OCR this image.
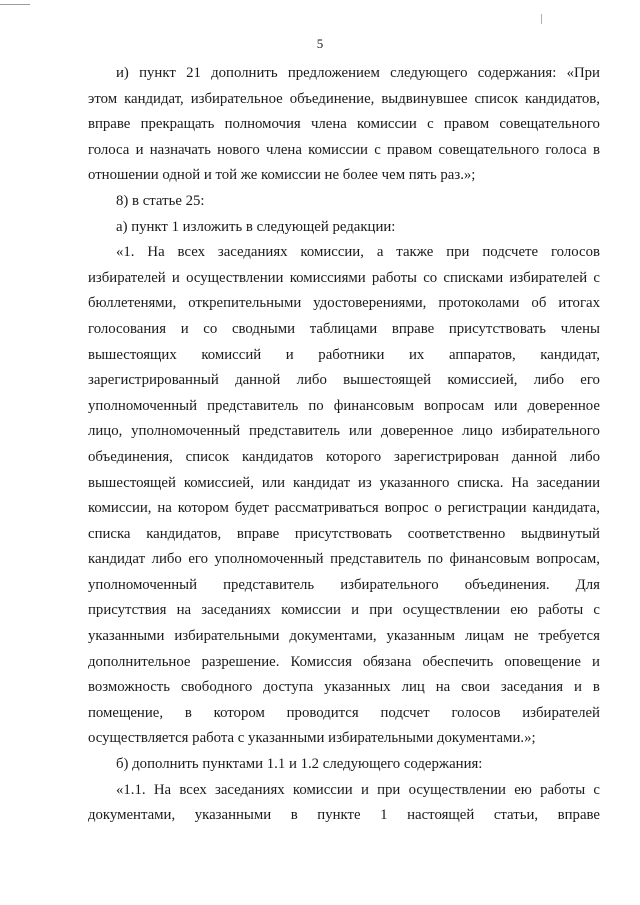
5
и) пункт 21 дополнить предложением следующего содержания: «При
этом кандидат, избирательное объединение, выдвинувшее список кандидатов,
вправе прекращать полномочия члена комиссии с правом совещательного
голоса и назначать нового члена комиссии с правом совещательного голоса в
отношении одной и той же комиссии не более чем пять раз.»;
8) в статье 25:
а) пункт 1 изложить в следующей редакции:
«1. На всех заседаниях комиссии, а также при подсчете голосов
избирателей и осуществлении комиссиями работы со списками избирателей с
бюллетенями, открепительными удостоверениями, протоколами об итогах
голосования и со сводными таблицами вправе присутствовать члены
вышестоящих комиссий и работники их аппаратов, кандидат,
зарегистрированный данной либо вышестоящей комиссией, либо его
уполномоченный представитель по финансовым вопросам или доверенное
лицо, уполномоченный представитель или доверенное лицо избирательного
объединения, список кандидатов которого зарегистрирован данной либо
вышестоящей комиссией, или кандидат из указанного списка. На заседании
комиссии, на котором будет рассматриваться вопрос о регистрации кандидата,
списка кандидатов, вправе присутствовать соответственно выдвинутый
кандидат либо его уполномоченный представитель по финансовым вопросам,
уполномоченный представитель избирательного объединения. Для
присутствия на заседаниях комиссии и при осуществлении ею работы с
указанными избирательными документами, указанным лицам не требуется
дополнительное разрешение. Комиссия обязана обеспечить оповещение и
возможность свободного доступа указанных лиц на свои заседания и в
помещение, в котором проводится подсчет голосов избирателей
осуществляется работа с указанными избирательными документами.»;
б) дополнить пунктами 1.1 и 1.2 следующего содержания:
«1.1. На всех заседаниях комиссии и при осуществлении ею работы с
документами, указанными в пункте 1 настоящей статьи, вправе
